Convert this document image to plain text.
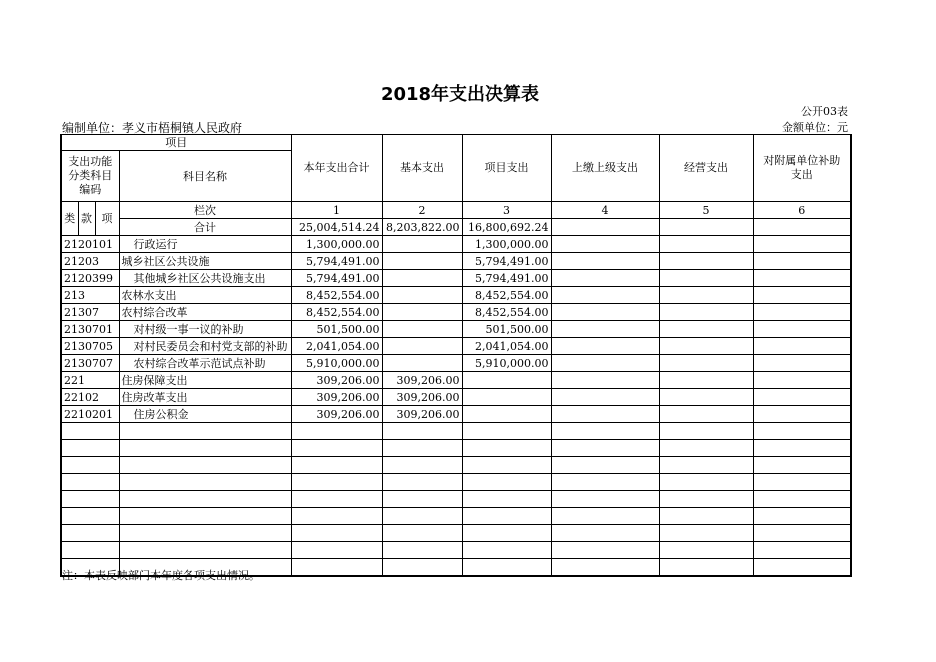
2018年支出决算表
公开03表
编制单位：孝义市梧桐镇人民政府	金额单位：元
项目				本年支出合计	基本支出	项目支出	上缴上级支出	经营支出	对附属单位补助支出
支出功能分类科目编码			科目名称						
类	款	项	栏次	1	2	3	4	5	6
			合计	25,004,514.24	8,203,822.00	16,800,692.24			
2120101			行政运行	1,300,000.00		1,300,000.00			
21203			城乡社区公共设施	5,794,491.00		5,794,491.00			
2120399			其他城乡社区公共设施支出	5,794,491.00		5,794,491.00			
213			农林水支出	8,452,554.00		8,452,554.00			
21307			农村综合改革	8,452,554.00		8,452,554.00			
2130701			对村级一事一议的补助	501,500.00		501,500.00			
2130705			对村民委员会和村党支部的补助	2,041,054.00		2,041,054.00			
2130707			农村综合改革示范试点补助	5,910,000.00		5,910,000.00			
221			住房保障支出	309,206.00	309,206.00				
22102			住房改革支出	309,206.00	309,206.00				
2210201			住房公积金	309,206.00	309,206.00				

注：本表反映部门本年度各项支出情况。
